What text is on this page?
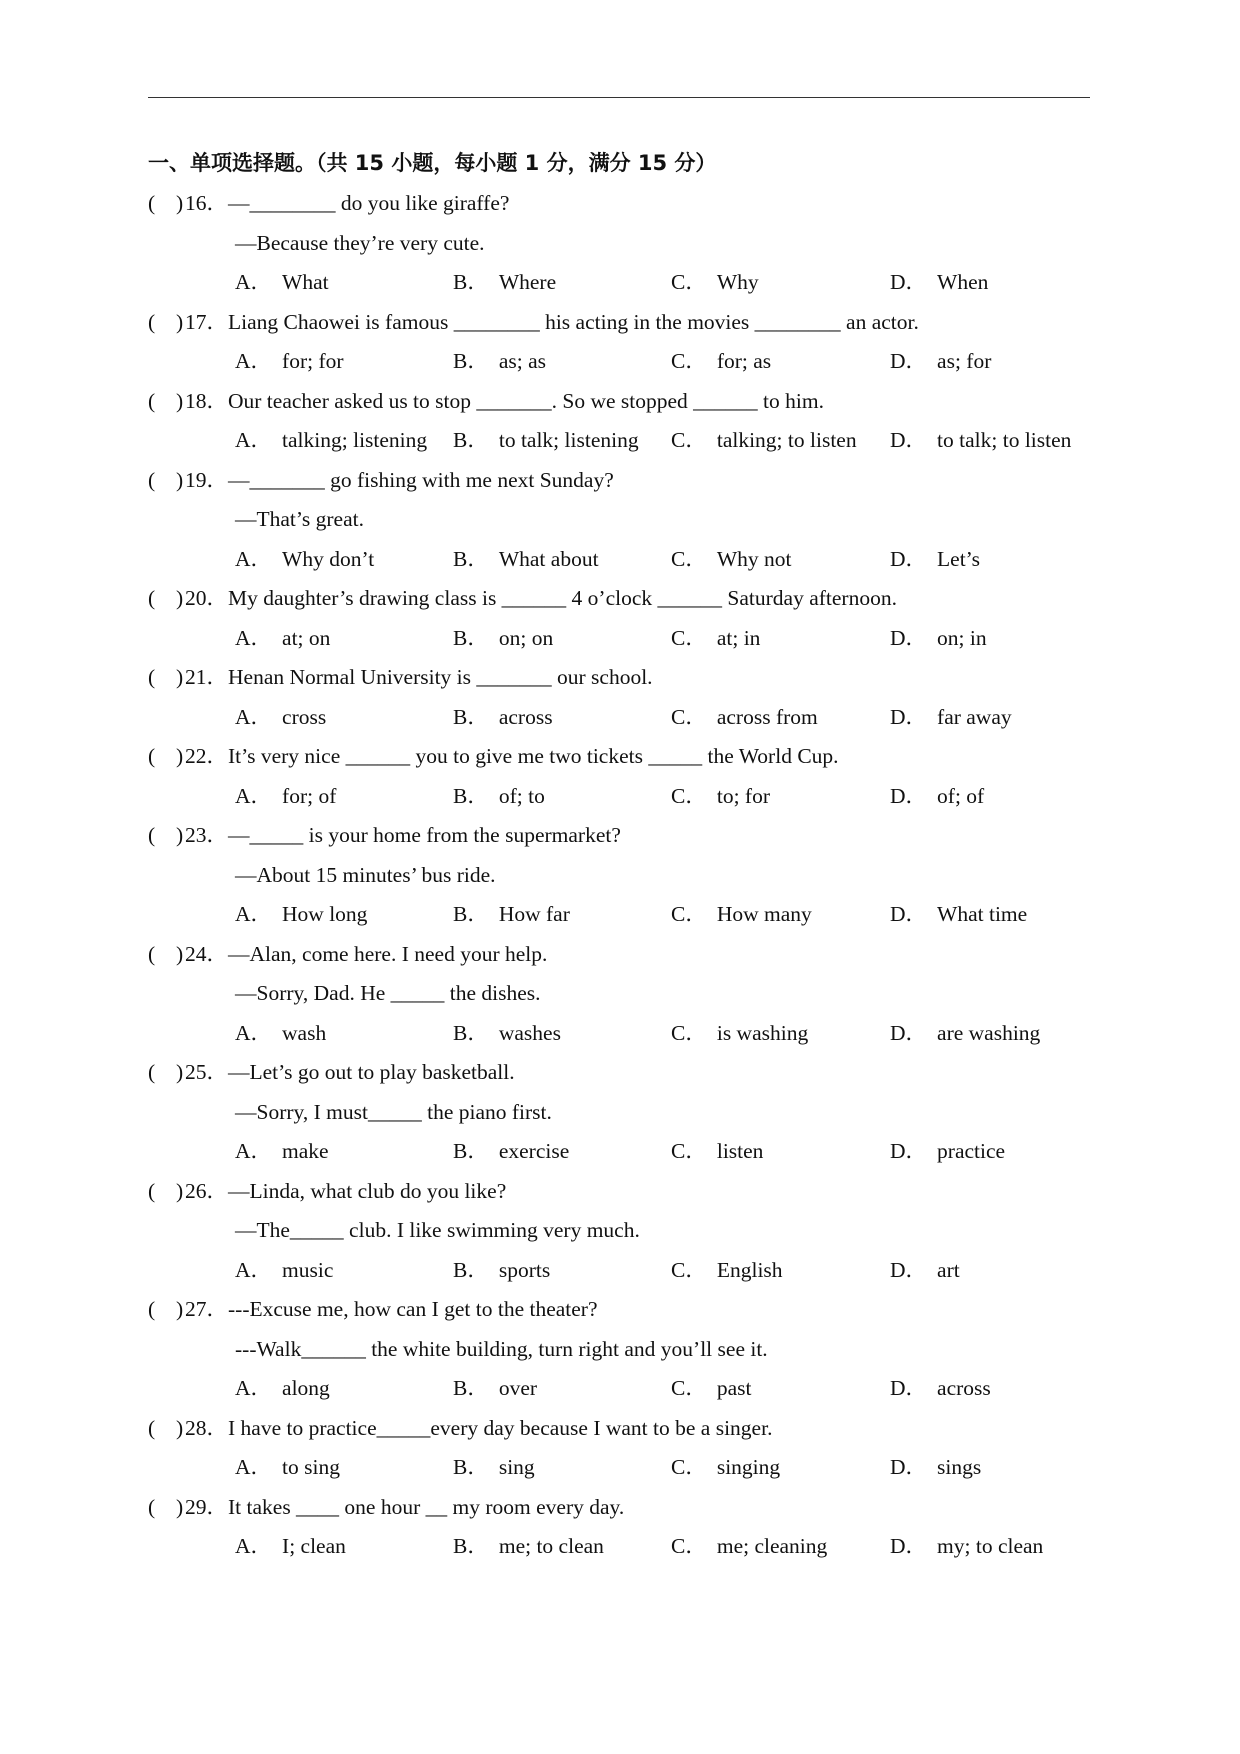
一、单项选择题。（共 15 小题，每小题 1 分，满分 15 分）
( ) 16． —________ do you like giraffe?
—Because they’re very cute.
A． What	B． Where	C． Why	D． When
( ) 17． Liang Chaowei is famous ________ his acting in the movies ________ an actor.
A． for; for	B． as; as	C． for; as	D． as; for
( ) 18． Our teacher asked us to stop _______. So we stopped ______ to him.
A． talking; listening B． to talk; listening C． talking; to listen D． to talk; to listen
( ) 19． —_______ go fishing with me next Sunday?
—That’s great.
A． Why don’t	B． What about	C． Why not	D． Let’s
( ) 20． My daughter’s drawing class is ______ 4 o’clock ______ Saturday afternoon.
A． at; on	B． on; on	C． at; in	D． on; in
( ) 21． Henan Normal University is _______ our school.
A． cross	B． across	C． across from	D． far away
( ) 22． It’s very nice ______ you to give me two tickets _____ the World Cup.
A． for; of	B． of; to	C． to; for	D． of; of
( ) 23． —_____ is your home from the supermarket?
—About 15 minutes’ bus ride.
A． How long	B． How far	C． How many	D． What time
( ) 24． —Alan, come here. I need your help.
—Sorry, Dad. He _____ the dishes.
A． wash	B． washes	C． is washing	D． are washing
( ) 25． —Let’s go out to play basketball.
—Sorry, I must_____ the piano first.
A． make	B． exercise	C． listen	D． practice
( ) 26． —Linda, what club do you like?
—The_____ club. I like swimming very much.
A． music	B． sports	C． English	D． art
( ) 27． ---Excuse me, how can I get to the theater?
---Walk______ the white building, turn right and you’ll see it.
A． along	B． over	C． past	D． across
( ) 28． I have to practice_____every day because I want to be a singer.
A． to sing	B． sing	C． singing	D． sings
( ) 29． It takes ____ one hour __ my room every day.
A． I; clean	B． me; to clean	C． me; cleaning	D． my; to clean
